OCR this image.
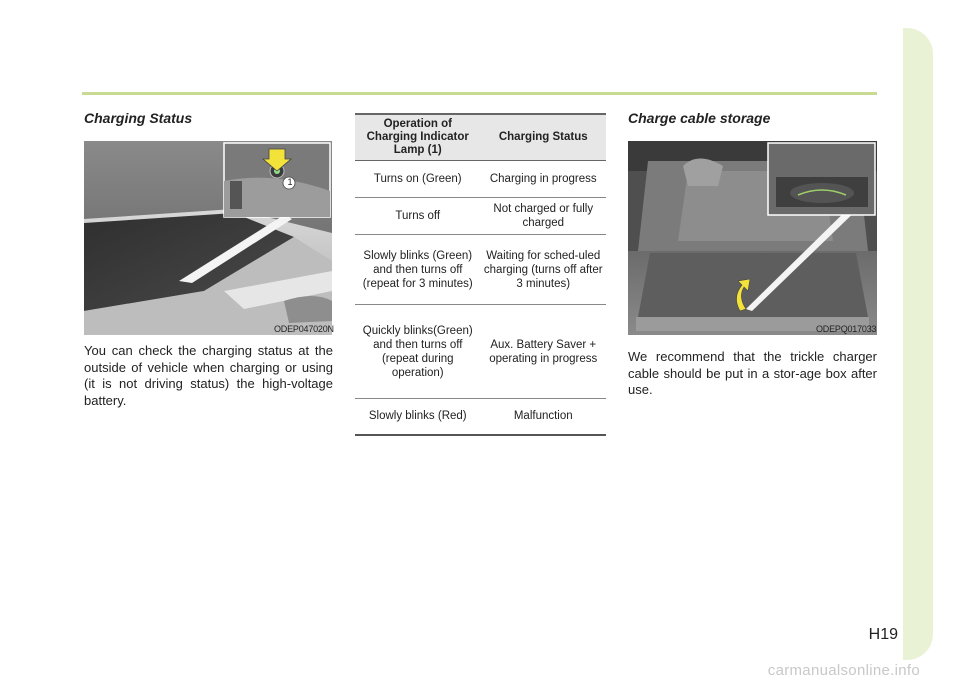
Charging Status
1
ODEP047020N
You can check the charging status at the outside of vehicle when charging or using (it is not driving status) the high-voltage battery.
Operation of Charging Indicator Lamp (1)	Charging Status
Turns on (Green)	Charging in progress
Turns off	Not charged or fully charged
Slowly blinks (Green) and then turns off (repeat for 3 minutes)	Waiting for sched-uled charging (turns off after 3 minutes)
Quickly blinks(Green) and then turns off (repeat during operation)	Aux. Battery Saver + operating in progress
Slowly blinks (Red)	Malfunction
Charge cable storage
ODEPQ017033
We recommend that the trickle charger cable should be put in a stor-age box after use.
H19
carmanualsonline.info
